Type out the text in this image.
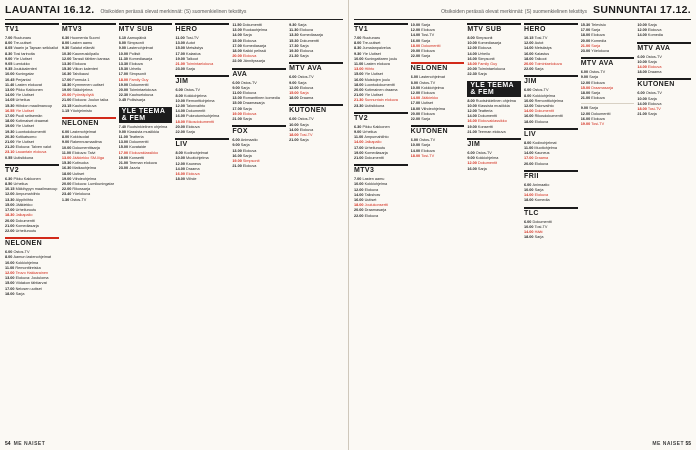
LAUANTAI 16.12. Otsikoiden perässä olevat merkinnät: (S) suomenkielinen tekstitys
TV1

7.00 Ruutunaru

8.00 Tre-uutiset

8.05 Vaarin ja Tapsan seikkailut

8.30 Tosi tarinoita

9.00 Yle Uutiset

9.05 Lumiukko

9.35 Joulukalenteri

10.00 Kuningatar

10.45 Perjantai

11.40 Lasten elokuvat

13.00 Pikku Kakkonen

14.00 Yle Uutiset

14.05 Urheilua

15.30 Hiihdon maailmancup

16.55 Yle Uutiset

17.00 Puoli seitsemän

18.00 Kotimaiset draamat

19.00 Yle Uutiset

19.30 Luontodokumentti

20.30 Kotikatsomo

21.00 Yle Uutiset

21.20 Elokuva: Talven valot

23.10 Lauantain elokuva

0.55 Uutisikkuna

TV2

6.30 Pikku Kakkonen

8.50 Urheilua

10.15 Mäkihypyn maailmancup

12.00 Ampumahiihto

13.30 Alppihiihto

15.00 Jääkiekko

17.00 Urheiluruutu

18.30 Jalkapallo

20.00 Dokumentti

21.00 Komediasarja

22.00 Urheiluruutu

NELONEN

6.00 Ostos-TV

8.00 Aamun lastenohjelmat

10.00 Kokkiohjelma

11.00 Remonttireiska

12.00 Teuvo Hakkarainen

13.00 Elokuva: Joululoma

15.00 Viidakon tähtiarvat

17.00 Nelosen uutiset

18.00 Sarja

MTV3

6.30 Huomenta Suomi

8.00 Lasten aamu

9.30 Salatut elämät

10.30 Kauneuskilpailu

12.00 Tanssii tähtien kanssa

13.30 Elokuva

15.30 Viikon kalenteri

16.30 Talvikausi

17.00 Formula 1

18.30 Kymmenen uutiset

19.00 Sääohjelma

20.00 Pyöreäpöytä

21.00 Elokuva: Joulun taika

23.15 Kauhuelokuva

1.15 Yöohjelmisto

NELONEN

6.00 Lastenohjelmat

8.00 Kokkisodat

9.00 Rakennusmaailma

10.00 Dokumenttisarja

11.00 Elokuva: Talvi

13.00 Jääkiekko SM-liiga

15.30 Kotiruoka

16.30 Matkaohjelma

18.00 Uutiset

19.00 Viihdeohjelma

20.00 Elokuva: Lumikuningatar

22.00 Rikossarja

23.40 Yöelokuva

1.30 Ostos-TV

MTV SUB

6.10 Aamupäivä

8.00 Simpsonit

9.00 Lastenohjelmat

10.00 Poliisit

11.30 Komediasarja

13.30 Elokuva

15.30 Urheilu

17.00 Simpsonit

18.00 Family Guy

19.00 Dokumentti

20.00 Toimintaelokuva

22.30 Kauhuelokuva

0.45 Poliisisarja

YLE TEEMA & FEM

7.40 Ruotsinkielinen ohjelma

9.00 Klassista musiikkia

11.00 Teatteria

13.00 Dokumentti

15.00 Kuvataide

17.00 Elokuvaklassikko

19.00 Konsertti

21.00 Teeman elokuva

23.00 Jazzia

HERO

11.00 Tosi-TV

13.00 Autot

15.00 Metsästys

17.00 Kalastus

19.00 Talkoot

21.00 Toimintaelokuva

23.00 Sarja

JIM

6.00 Ostos-TV

8.00 Kokkiohjelma

10.00 Remonttiohjelma

12.00 Talonvaihto

14.00 Dokumentit

16.00 Pukeutumisohjelma

18.00 Rikosdokumentti

20.00 Elokuva

22.00 Sarja

LIV

8.00 Kodinohjelmat

10.00 Muotiohjelma

12.00 Kauneus

14.00 Draama

16.00 Elokuva

18.00 Viihde

11.50 Dokumentti

13.00 Ruokaohjelma

14.00 Sarja

15.00 Elokuva

17.00 Komediasarja

18.00 Kaikki pelissä

20.00 Elokuva

22.00 Jännityssarja

AVA

6.00 Ostos-TV

9.00 Sarja

11.00 Elokuva

13.00 Romanttinen komedia

15.00 Draamasarja

17.00 Sarja

19.00 Elokuva

21.00 Sarja

FOX

6.00 Animaatio

9.00 Sarja

13.00 Elokuva

16.00 Sarja

19.00 Simpsonit

21.00 Elokuva

9.30 Sarja

11.30 Elokuva

13.30 Komediasarja

15.30 Dokumentti

17.30 Sarja

19.30 Elokuva

21.30 Sarja

MTV AVA

6.00 Ostos-TV

9.00 Sarja

12.00 Elokuva

15.00 Sarja

18.00 Draama

KUTONEN

6.00 Ostos-TV

10.00 Sarja

14.00 Elokuva

18.00 Tosi-TV

21.00 Sarja

54 ME NAISET
Otsikoiden perässä olevat merkinnät: (S) suomenkielinen tekstitys SUNNUNTAI 17.12.
TV1

7.00 Ruutunaru

8.00 Tre-uutiset

8.30 Jumalanpalvelus

9.30 Yle Uutiset

10.00 Kuningattaren joulu

11.00 Lasten elokuva

13.00 Hiihto

15.00 Yle Uutiset

16.00 Muistojen joulu

18.00 Luontodokumentti

20.00 Kotimainen draama

21.00 Yle Uutiset

21.30 Sunnuntain elokuva

23.30 Uutisikkuna

TV2

6.30 Pikku Kakkonen

9.00 Urheilua

11.00 Ampumahiihto

14.00 Jalkapallo

17.00 Urheiluruutu

19.00 Komediasarja

21.00 Dokumentti

MTV3

7.00 Lasten aamu

10.00 Kokkiohjelma

12.00 Elokuva

14.00 Talkshow

16.00 Uutiset

18.00 Joulukonsertti

20.00 Draamasarja

22.00 Elokuva

10.00 Sarja

12.00 Elokuva

14.00 Tosi-TV

16.00 Sarja

18.00 Dokumentti

20.00 Elokuva

22.00 Sarja

NELONEN

6.00 Lastenohjelmat

8.00 Ostos-TV

10.00 Kokkiohjelma

12.00 Elokuva

14.00 Jääkiekko

17.00 Uutiset

18.00 Viihdeohjelma

20.00 Elokuva

22.00 Sarja

KUTONEN

6.00 Ostos-TV

10.00 Sarja

14.00 Elokuva

18.00 Tosi-TV

MTV SUB

8.00 Simpsonit

10.00 Komediasarja

12.00 Elokuva

14.00 Urheilu

16.00 Simpsonit

18.00 Family Guy

20.00 Toimintaelokuva

22.30 Sarja

YLE TEEMA & FEM

8.00 Ruotsinkielinen ohjelma

10.00 Klassista musiikkia

12.00 Teatteria

14.00 Dokumentti

16.00 Elokuvaklassikko

19.00 Konsertti

21.00 Teeman elokuva

JIM

6.00 Ostos-TV

9.00 Kokkiohjelma

12.00 Dokumentit

16.00 Sarja

HERO

10.15 Tosi-TV

12.00 Autot

14.00 Metsästys

16.00 Kalastus

18.00 Talkoot

20.00 Toimintaelokuva

22.00 Sarja

JIM

6.00 Ostos-TV

8.00 Kokkiohjelma

10.00 Remonttiohjelma

12.00 Talonvaihto

14.00 Dokumentit

16.00 Rikosdokumentti

18.00 Elokuva

LIV

8.00 Kodinohjelmat

11.00 Muotiohjelma

14.00 Kauneus

17.00 Draama

20.00 Elokuva

FRII

6.00 Animaatio

10.00 Sarja

14.00 Elokuva

18.00 Komedia

TLC

6.00 Dokumentti

10.00 Tosi-TV

14.00 Häät

18.00 Sarja

15.30 Televisio

17.00 Sarja

18.00 Elokuva

20.00 Komedia

21.00 Sarja

23.00 Yöelokuva

MTV AVA

6.00 Ostos-TV

9.00 Sarja

12.00 Elokuva

15.00 Draamasarja

18.00 Sarja

21.00 Elokuva

9.00 Sarja

12.00 Dokumentti

16.00 Elokuva

19.00 Tosi-TV

10.00 Sarja

12.00 Elokuva

14.00 Komedia

MTV AVA

6.00 Ostos-TV

10.00 Sarja

14.00 Elokuva

18.00 Draama

KUTONEN

6.00 Ostos-TV

10.00 Sarja

14.00 Elokuva

18.00 Tosi-TV

21.00 Sarja

ME NAISET 55
